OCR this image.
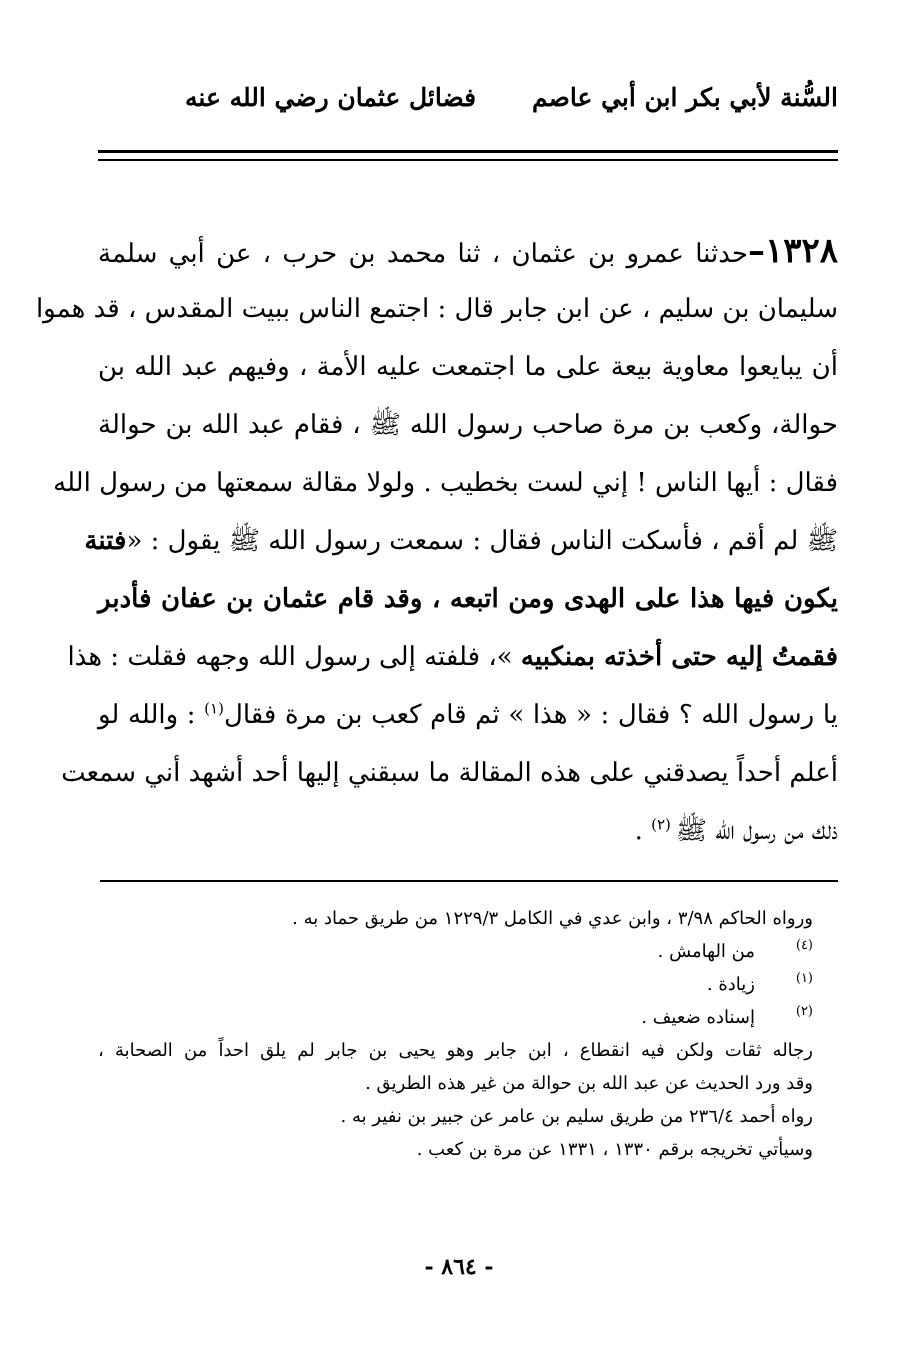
السُّنة لأبي بكر ابن أبي عاصم
فضائل عثمان رضي الله عنه
١٣٢٨–حدثنا عمرو بن عثمان ، ثنا محمد بن حرب ، عن أبي سلمة
سليمان بن سليم ، عن ابن جابر قال : اجتمع الناس ببيت المقدس ، قد هموا
أن يبايعوا معاوية بيعة على ما اجتمعت عليه الأمة ، وفيهم عبد الله بن
حوالة، وكعب بن مرة صاحب رسول الله ﷺ ، فقام عبد الله بن حوالة
فقال : أيها الناس ! إني لست بخطيب . ولولا مقالة سمعتها من رسول الله
ﷺ لم أقم ، فأسكت الناس فقال : سمعت رسول الله ﷺ يقول : «فتنة
يكون فيها هذا على الهدى ومن اتبعه ، وقد قام عثمان بن عفان فأدبر
فقمتُ إليه حتى أخذته بمنكبيه »، فلفته إلى رسول الله وجهه فقلت : هذا
يا رسول الله ؟ فقال : « هذا » ثم قام كعب بن مرة فقال$^{(١)}$ : والله لو
أعلم أحداً يصدقني على هذه المقالة ما سبقني إليها أحد أشهد أني سمعت
ذلك من رسول الله ﷺ $^{(٢)}$ .
ورواه الحاكم ٣/٩٨ ، وابن عدي في الكامل ١٢٢٩/٣ من طريق حماد به .
(٤)
من الهامش .
(١)
زيادة .
(٢)
إسناده ضعيف .
رجاله ثقات ولكن فيه انقطاع ، ابن جابر وهو يحيى بن جابر لم يلق احداً من الصحابة ،
وقد ورد الحديث عن عبد الله بن حوالة من غير هذه الطريق .
رواه أحمد ٢٣٦/٤ من طريق سليم بن عامر عن جبير بن نفير به .
وسيأتي تخريجه برقم ١٣٣٠ ، ١٣٣١ عن مرة بن كعب .
- ٨٦٤ -
